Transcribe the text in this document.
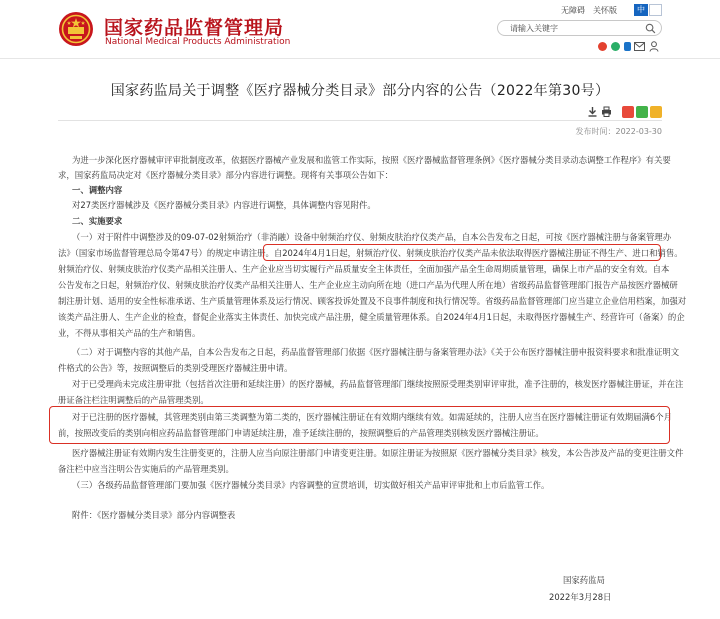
国家药品监督管理局
National Medical Products Administration
无障碍 关怀版	中
请输入关键字
国家药监局关于调整《医疗器械分类目录》部分内容的公告（2022年第30号）
发布时间：2022-03-30
为进一步深化医疗器械审评审批制度改革，依据医疗器械产业发展和监管工作实际，按照《医疗器械监督管理条例》《医疗器械分类目录动态调整工作程序》有关要
求，国家药监局决定对《医疗器械分类目录》部分内容进行调整。现将有关事项公告如下：
一、调整内容
对27类医疗器械涉及《医疗器械分类目录》内容进行调整，具体调整内容见附件。
二、实施要求
（一）对于附件中调整涉及的09-07-02射频治疗（非消融）设备中射频治疗仪、射频皮肤治疗仪类产品，自本公告发布之日起，可按《医疗器械注册与备案管理办
法》（国家市场监督管理总局令第47号）的规定申请注册。自2024年4月1日起，射频治疗仪、射频皮肤治疗仪类产品未依法取得医疗器械注册证不得生产、进口和销售。
射频治疗仪、射频皮肤治疗仪类产品相关注册人、生产企业应当切实履行产品质量安全主体责任，全面加强产品全生命周期质量管理，确保上市产品的安全有效。自本
公告发布之日起，射频治疗仪、射频皮肤治疗仪类产品相关注册人、生产企业应主动向所在地（进口产品为代理人所在地）省级药品监督管理部门报告产品按医疗器械研
制注册计划、适用的安全性标准承诺、生产质量管理体系及运行情况、顾客投诉处置及不良事件制度和执行情况等。省级药品监督管理部门应当建立企业信用档案，加强对
该类产品注册人、生产企业的检查，督促企业落实主体责任、加快完成产品注册，健全质量管理体系。自2024年4月1日起，未取得医疗器械生产、经营许可（备案）的企
业，不得从事相关产品的生产和销售。
（二）对于调整内容的其他产品，自本公告发布之日起，药品监督管理部门依据《医疗器械注册与备案管理办法》《关于公布医疗器械注册申报资料要求和批准证明文
件格式的公告》等，按照调整后的类别受理医疗器械注册申请。
对于已受理尚未完成注册审批（包括首次注册和延续注册）的医疗器械，药品监督管理部门继续按照原受理类别审评审批，准予注册的，核发医疗器械注册证，并在注
册证备注栏注明调整后的产品管理类别。
对于已注册的医疗器械，其管理类别由第三类调整为第二类的，医疗器械注册证在有效期内继续有效。如需延续的，注册人应当在医疗器械注册证有效期届满6个月
前，按照改变后的类别向相应药品监督管理部门申请延续注册，准予延续注册的，按照调整后的产品管理类别核发医疗器械注册证。
医疗器械注册证有效期内发生注册变更的，注册人应当向原注册部门申请变更注册。如原注册证为按照原《医疗器械分类目录》核发，本公告涉及产品的变更注册文件
备注栏中应当注明公告实施后的产品管理类别。
（三）各级药品监督管理部门要加强《医疗器械分类目录》内容调整的宣贯培训，切实做好相关产品审评审批和上市后监管工作。
附件：《医疗器械分类目录》部分内容调整表
国家药监局
2022年3月28日
